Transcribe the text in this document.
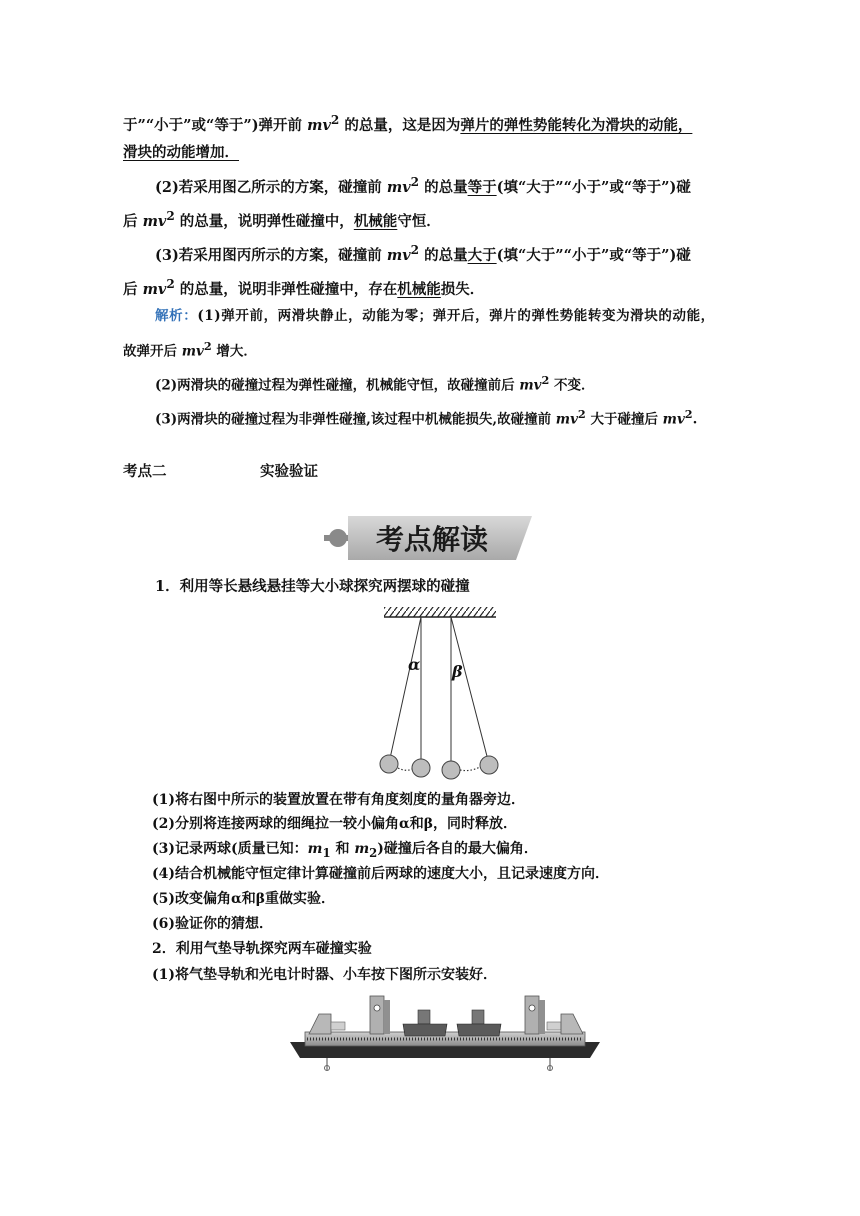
于”“小于”或“等于”)弹开前 $mv^2$ 的总量，这是因为弹片的弹性势能转化为滑块的动能，
滑块的动能增加．
(2)若采用图乙所示的方案，碰撞前 $mv^2$ 的总量等于(填“大于”“小于”或“等于”)碰
后 $mv^2$ 的总量，说明弹性碰撞中，机械能守恒．
(3)若采用图丙所示的方案，碰撞前 $mv^2$ 的总量大于(填“大于”“小于”或“等于”)碰
后 $mv^2$ 的总量，说明非弹性碰撞中，存在机械能损失．
解析：(1)弹开前，两滑块静止，动能为零；弹开后，弹片的弹性势能转变为滑块的动能，
故弹开后 $mv^2$ 增大．
(2)两滑块的碰撞过程为弹性碰撞，机械能守恒，故碰撞前后 $mv^2$ 不变．
(3)两滑块的碰撞过程为非弹性碰撞,该过程中机械能损失,故碰撞前 $mv^2$ 大于碰撞后 $mv^2$.
考点二	实验验证
考点解读
1．利用等长悬线悬挂等大小球探究两摆球的碰撞
α β
(1)将右图中所示的装置放置在带有角度刻度的量角器旁边．
(2)分别将连接两球的细绳拉一较小偏角α和β，同时释放．
(3)记录两球(质量已知：$m_1$ 和 $m_2$)碰撞后各自的最大偏角．
(4)结合机械能守恒定律计算碰撞前后两球的速度大小，且记录速度方向．
(5)改变偏角α和β重做实验．
(6)验证你的猜想．
2．利用气垫导轨探究两车碰撞实验
(1)将气垫导轨和光电计时器、小车按下图所示安装好．
